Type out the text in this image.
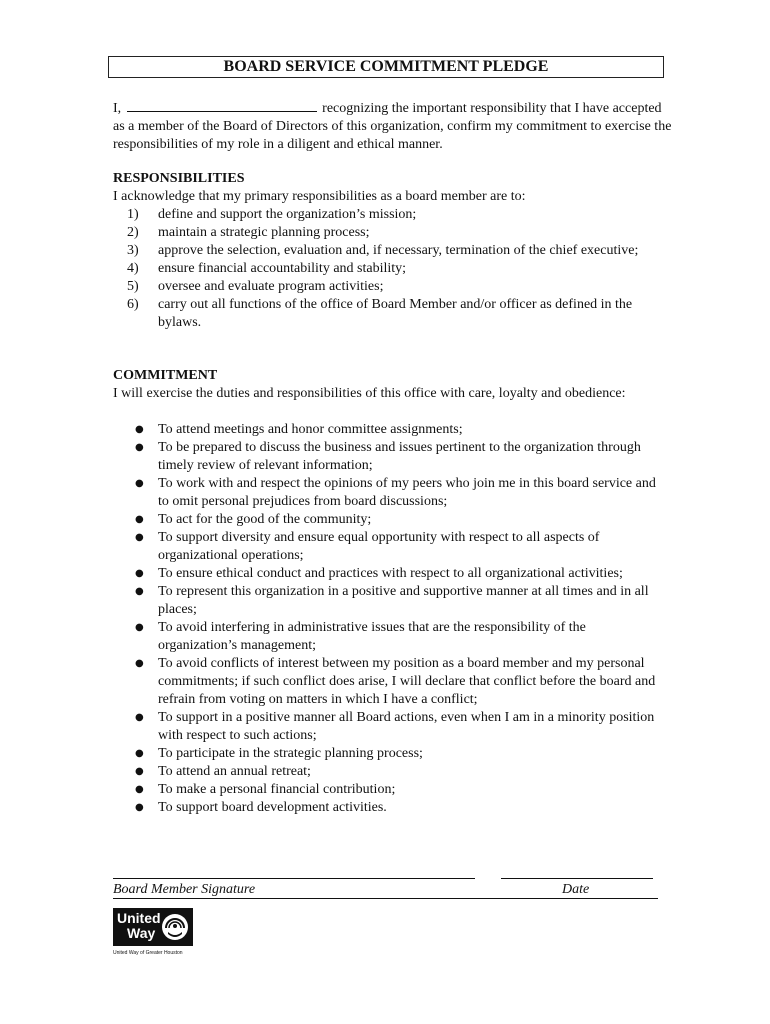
BOARD SERVICE COMMITMENT PLEDGE
I,	recognizing the important responsibility that I have accepted as a member of the Board of Directors of this organization, confirm my commitment to exercise the responsibilities of my role in a diligent and ethical manner.
RESPONSIBILITIES
I acknowledge that my primary responsibilities as a board member are to:
1) define and support the organization’s mission;
2) maintain a strategic planning process;
3) approve the selection, evaluation and, if necessary, termination of the chief executive;
4) ensure financial accountability and stability;
5) oversee and evaluate program activities;
6) carry out all functions of the office of Board Member and/or officer as defined in the bylaws.
COMMITMENT
I will exercise the duties and responsibilities of this office with care, loyalty and obedience:
● To attend meetings and honor committee assignments;
● To be prepared to discuss the business and issues pertinent to the organization through timely review of relevant information;
● To work with and respect the opinions of my peers who join me in this board service and to omit personal prejudices from board discussions;
● To act for the good of the community;
● To support diversity and ensure equal opportunity with respect to all aspects of organizational operations;
● To ensure ethical conduct and practices with respect to all organizational activities;
● To represent this organization in a positive and supportive manner at all times and in all places;
● To avoid interfering in administrative issues that are the responsibility of the organization’s management;
● To avoid conflicts of interest between my position as a board member and my personal commitments; if such conflict does arise, I will declare that conflict before the board and refrain from voting on matters in which I have a conflict;
● To support in a positive manner all Board actions, even when I am in a minority position with respect to such actions;
● To participate in the strategic planning process;
● To attend an annual retreat;
● To make a personal financial contribution;
● To support board development activities.
Board Member Signature	Date
United
Way
United Way of Greater Houston
